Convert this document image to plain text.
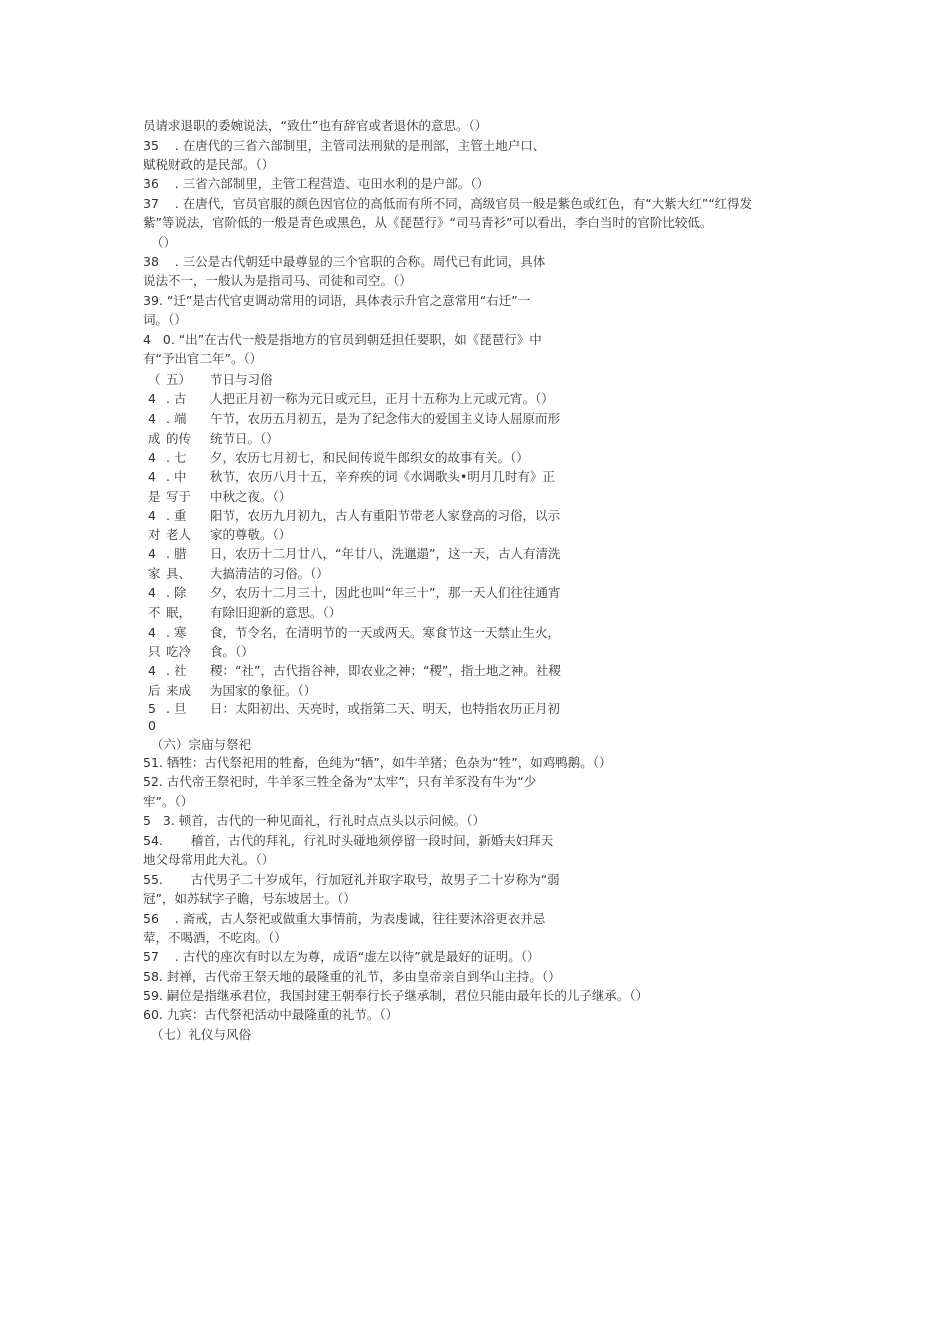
员请求退职的委婉说法，“致仕”也有辞官或者退休的意思。（）
35    . 在唐代的三省六部制里，主管司法刑狱的是刑部，主管土地户口、
赋税财政的是民部。（）
36    . 三省六部制里，主管工程营造、屯田水利的是户部。（）
37    . 在唐代，官员官服的颜色因官位的高低而有所不同，高级官员一般是紫色或红色，有“大紫大红”“红得发
紫”等说法，官阶低的一般是青色或黑色，从《琵琶行》“司马青衫”可以看出，李白当时的官阶比较低。
（）
38    . 三公是古代朝廷中最尊显的三个官职的合称。周代已有此词，具体
说法不一，一般认为是指司马、司徒和司空。（）
39. “迁”是古代官吏调动常用的词语，具体表示升官之意常用“右迁”一
词。（）
4   0. “出”在古代一般是指地方的官员到朝廷担任要职，如《琵琶行》中
有“予出官二年”。（）
（ 五） 节日与习俗
4 . 古 人把正月初一称为元日或元旦，正月十五称为上元或元宵。（）
4 . 端 午节，农历五月初五，是为了纪念伟大的爱国主义诗人屈原而形
成 的传 统节日。（）
4 . 七 夕，农历七月初七，和民间传说牛郎织女的故事有关。（）
4 . 中 秋节，农历八月十五，辛弃疾的词《水调歌头•明月几时有》正
是 写于 中秋之夜。（）
4 . 重 阳节，农历九月初九，古人有重阳节带老人家登高的习俗，以示
对 老人 家的尊敬。（）
4 . 腊 日，农历十二月廿八，“年廿八，洗邋遢”，这一天，古人有清洗
家 具、 大搞清洁的习俗。（）
4 . 除 夕，农历十二月三十，因此也叫“年三十”，那一天人们往往通宵
不 眠， 有除旧迎新的意思。（）
4 . 寒 食，节令名，在清明节的一天或两天。寒食节这一天禁止生火，
只 吃冷 食。（）
4 . 社 稷：“社”，古代指谷神，即农业之神；“稷”，指土地之神。社稷
后 来成 为国家的象征。（）
5 . 旦 日：太阳初出、天亮时，或指第二天、明天，也特指农历正月初
0
（六）宗庙与祭祀
51. 牺牲：古代祭祀用的牲畜，色纯为“牺”，如牛羊猪；色杂为“牲”，如鸡鸭鹅。（）
52. 古代帝王祭祀时，牛羊豕三牲全备为“太牢”，只有羊豕没有牛为“少
牢”。（）
5   3. 顿首，古代的一种见面礼，行礼时点点头以示问候。（）
54.       稽首，古代的拜礼，行礼时头碰地须停留一段时间，新婚夫妇拜天
地父母常用此大礼。（）
55.       古代男子二十岁成年，行加冠礼并取字取号，故男子二十岁称为“弱
冠”，如苏轼字子瞻，号东坡居士。（）
56    . 斋戒，古人祭祀或做重大事情前，为表虔诚，往往要沐浴更衣并忌
荤，不喝酒，不吃肉。（）
57    . 古代的座次有时以左为尊，成语“虚左以待”就是最好的证明。（）
58. 封禅，古代帝王祭天地的最隆重的礼节，多由皇帝亲自到华山主持。（）
59. 嗣位是指继承君位，我国封建王朝奉行长子继承制，君位只能由最年长的儿子继承。（）
60. 九宾：古代祭祀活动中最隆重的礼节。（）
（七）礼仪与风俗
